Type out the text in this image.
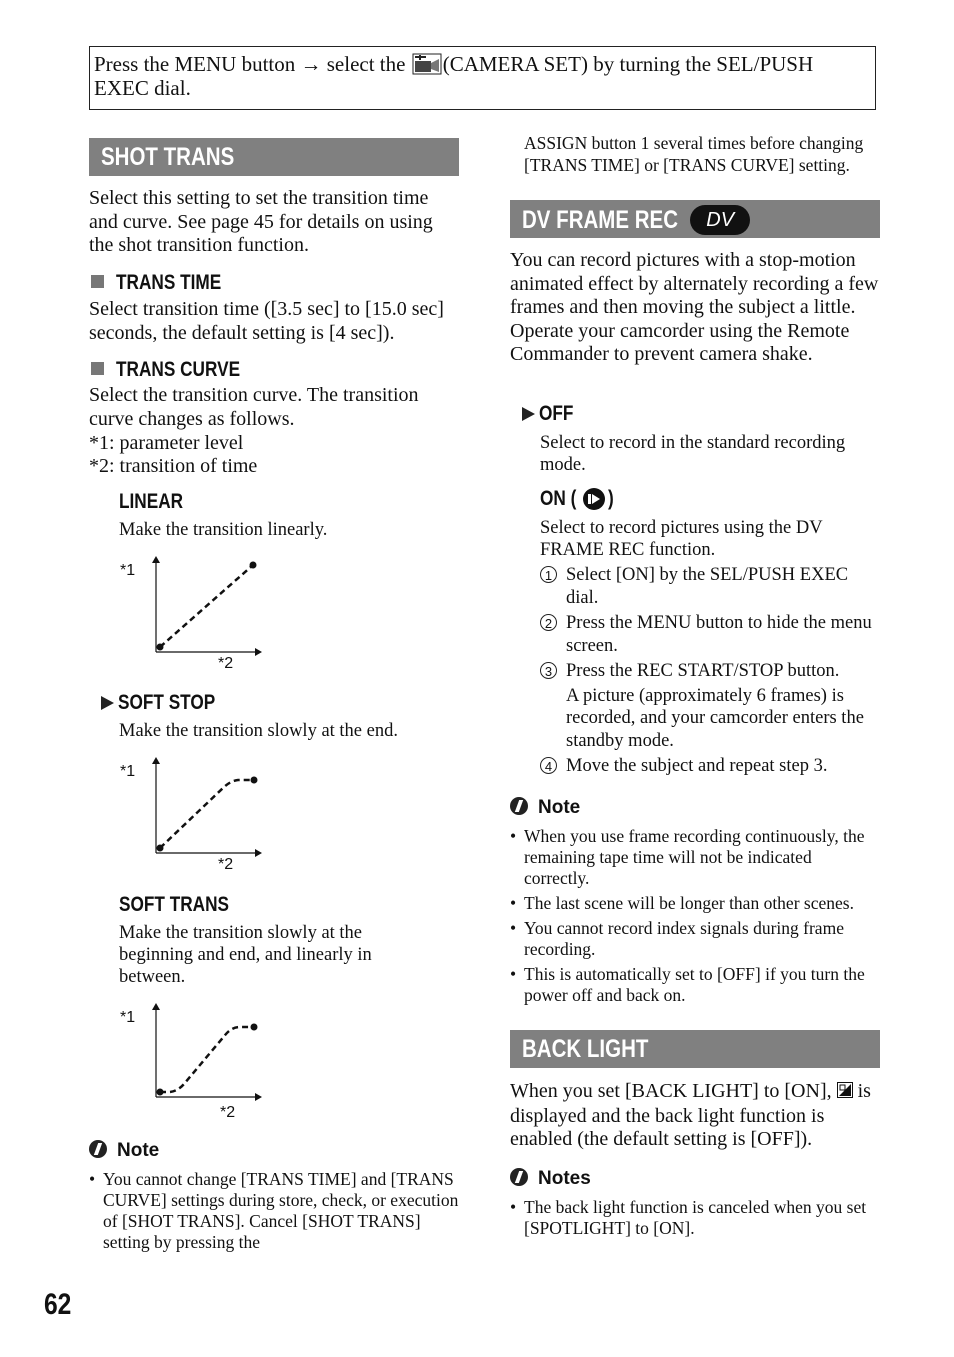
Press the MENU button → select the (CAMERA SET) by turning the SEL/PUSH EXEC dial.
SHOT TRANS
Select this setting to set the transition time and curve. See page 45 for details on using the shot transition function.
TRANS TIME
Select transition time ([3.5 sec] to [15.0 sec] seconds, the default setting is [4 sec]).
TRANS CURVE
Select the transition curve. The transition curve changes as follows.
*1: parameter level
*2: transition of time
LINEAR
Make the transition linearly.
*1
*2
SOFT STOP
Make the transition slowly at the end.
*1
*2
SOFT TRANS
Make the transition slowly at the beginning and end, and linearly in between.
*1
*2
Note
• You cannot change [TRANS TIME] and [TRANS CURVE] settings during store, check, or execution of [SHOT TRANS]. Cancel [SHOT TRANS] setting by pressing the
ASSIGN button 1 several times before changing [TRANS TIME] or [TRANS CURVE] setting.
DV FRAME REC DV
You can record pictures with a stop-motion animated effect by alternately recording a few frames and then moving the subject a little. Operate your camcorder using the Remote Commander to prevent camera shake.
OFF
Select to record in the standard recording mode.
ON ( )
Select to record pictures using the DV FRAME REC function.
1 Select [ON] by the SEL/PUSH EXEC dial.
2 Press the MENU button to hide the menu screen.
3 Press the REC START/STOP button.
A picture (approximately 6 frames) is recorded, and your camcorder enters the standby mode.
4 Move the subject and repeat step 3.
Note
• When you use frame recording continuously, the remaining tape time will not be indicated correctly.
• The last scene will be longer than other scenes.
• You cannot record index signals during frame recording.
• This is automatically set to [OFF] if you turn the power off and back on.
BACK LIGHT
When you set [BACK LIGHT] to [ON], is displayed and the back light function is enabled (the default setting is [OFF]).
Notes
• The back light function is canceled when you set [SPOTLIGHT] to [ON].
62
